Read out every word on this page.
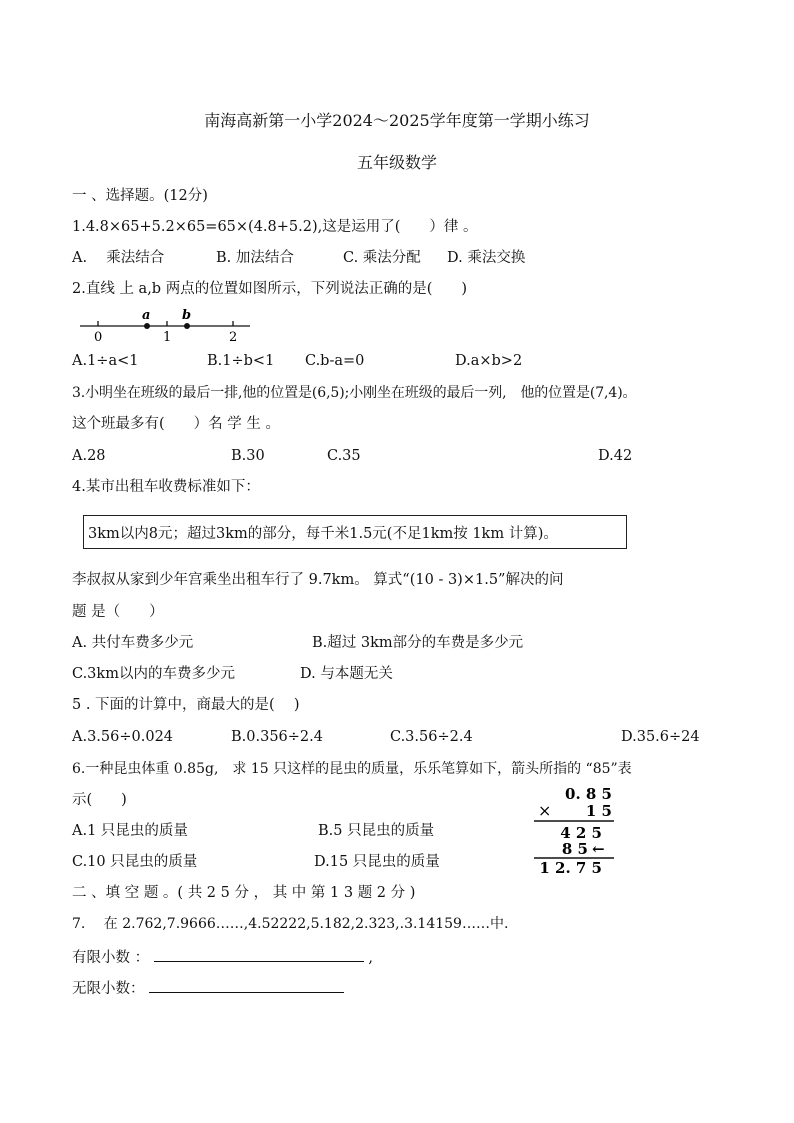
南海高新第一小学2024～2025学年度第一学期小练习
五年级数学
一 、选择题。(12分)
1.4.8×65+5.2×65=65×(4.8+5.2),这是运用了(　　）律 。
A.　 乘法结合	B. 加法结合	C. 乘法分配 D. 乘法交换
2.直线 上 a,b 两点的位置如图所示，下列说法正确的是(　　)
a b
0	1	2
A.1÷a<1	B.1÷b<1 C.b-a=0	D.a×b>2
3.小明坐在班级的最后一排,他的位置是(6,5);小刚坐在班级的最后一列,　他的位置是(7,4)。
这个班最多有(　　）名 学 生 。
A.28	B.30	C.35	D.42
4.某市出租车收费标准如下：
3km以内8元；超过3km的部分，每千米1.5元(不足1km按 1km 计算)。
李叔叔从家到少年宫乘坐出租车行了 9.7km。 算式“(10 - 3)×1.5”解决的问
题 是（　　）
A. 共付车费多少元	B.超过 3km部分的车费是多少元
C.3km以内的车费多少元	D. 与本题无关
5 . 下面的计算中，商最大的是(　 )
A.3.56÷0.024	B.0.356÷2.4	C.3.56÷2.4	D.35.6÷24
6.一种昆虫体重 0.85g,　求 15 只这样的昆虫的质量，乐乐笔算如下，箭头所指的 “85”表
示(　　)
A.1 只昆虫的质量	B.5 只昆虫的质量
C.10 只昆虫的质量	D.15 只昆虫的质量
0. 8 5
× 1 5
4 2 5
8 5 ←
1 2. 7 5
二 、填 空 题 。( 共 2 5 分 ， 其 中 第 1 3 题 2 分 )
7.　 在 2.762,7.9666……,4.52222,5.182,2.323,.3.14159……中.
有限小数 ：	,
无限小数：
